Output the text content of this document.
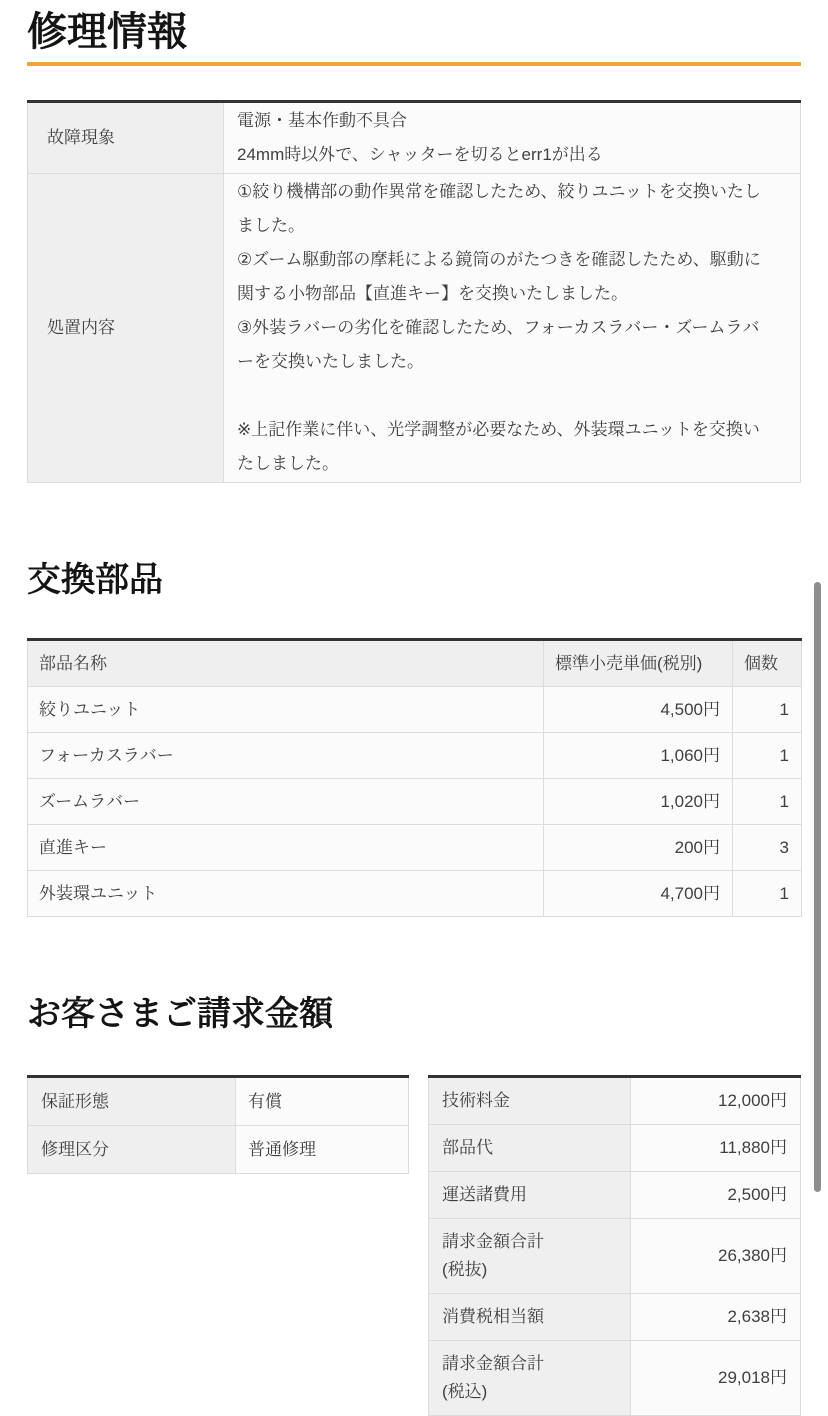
修理情報
故障現象	電源・基本作動不具合
24mm時以外で、シャッターを切るとerr1が出る

処置内容	①絞り機構部の動作異常を確認したため、絞りユニットを交換いたしました。
②ズーム駆動部の摩耗による鏡筒のがたつきを確認したため、駆動に関する小物部品【直進キー】を交換いたしました。
③外装ラバーの劣化を確認したため、フォーカスラバー・ズームラバーを交換いたしました。

※上記作業に伴い、光学調整が必要なため、外装環ユニットを交換いたしました。
交換部品
部品名称	標準小売単価(税別)	個数
絞りユニット	4,500円	1
フォーカスラバー	1,060円	1
ズームラバー	1,020円	1
直進キー	200円	3
外装環ユニット	4,700円	1
お客さまご請求金額
保証形態	有償
修理区分	普通修理
技術料金	12,000円
部品代	11,880円
運送諸費用	2,500円
請求金額合計
(税抜)	26,380円
消費税相当額	2,638円
請求金額合計
(税込)	29,018円
